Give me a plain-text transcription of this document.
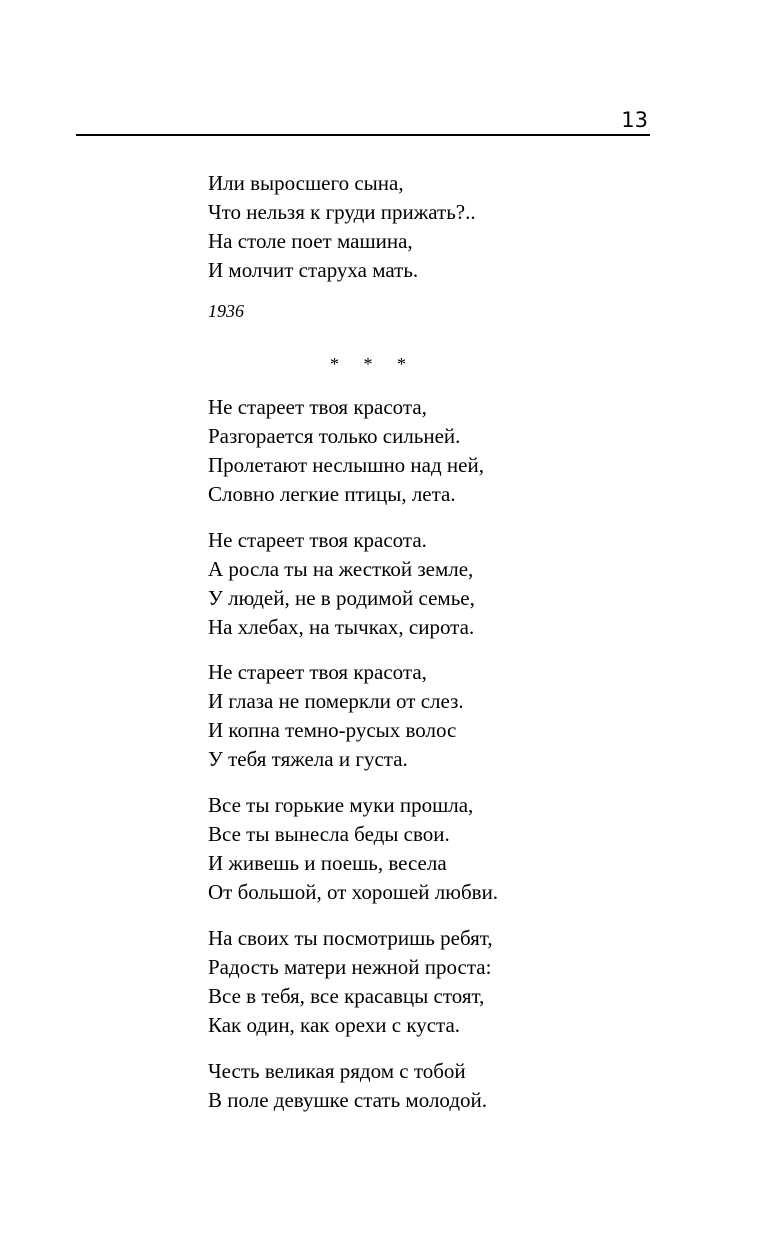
13
Или выросшего сына,
Что нельзя к груди прижать?..
На столе поет машина,
И молчит старуха мать.
1936
* * *
Не стареет твоя красота,
Разгорается только сильней.
Пролетают неслышно над ней,
Словно легкие птицы, лета.
Не стареет твоя красота.
А росла ты на жесткой земле,
У людей, не в родимой семье,
На хлебах, на тычках, сирота.
Не стареет твоя красота,
И глаза не померкли от слез.
И копна темно-русых волос
У тебя тяжела и густа.
Все ты горькие муки прошла,
Все ты вынесла беды свои.
И живешь и поешь, весела
От большой, от хорошей любви.
На своих ты посмотришь ребят,
Радость матери нежной проста:
Все в тебя, все красавцы стоят,
Как один, как орехи с куста.
Честь великая рядом с тобой
В поле девушке стать молодой.
